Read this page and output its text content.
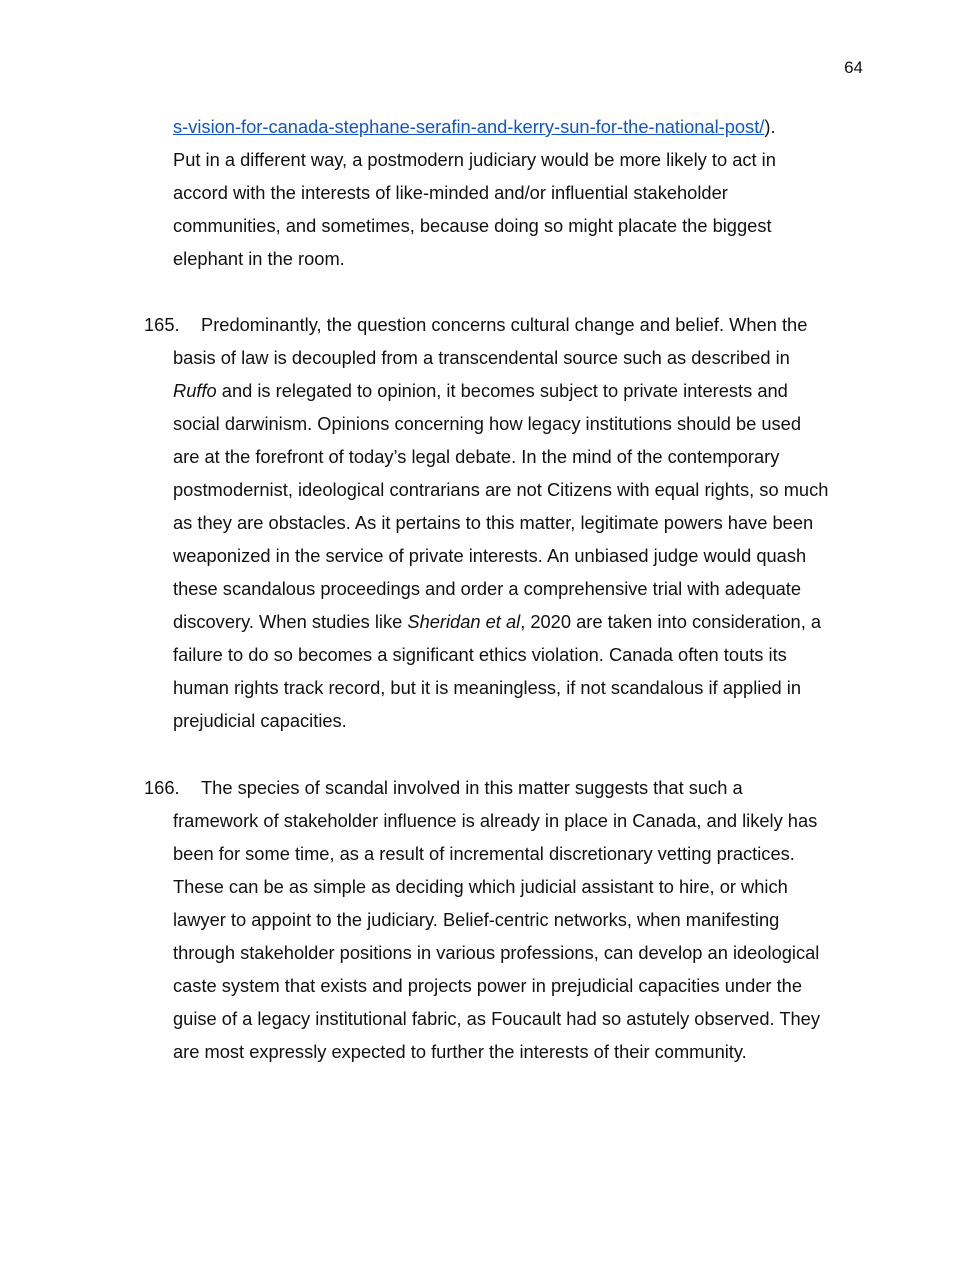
64
s-vision-for-canada-stephane-serafin-and-kerry-sun-for-the-national-post/).
Put in a different way, a postmodern judiciary would be more likely to act in
accord with the interests of like-minded and/or influential stakeholder
communities, and sometimes, because doing so might placate the biggest
elephant in the room.
165. Predominantly, the question concerns cultural change and belief. When the
basis of law is decoupled from a transcendental source such as described in
Ruffo and is relegated to opinion, it becomes subject to private interests and
social darwinism. Opinions concerning how legacy institutions should be used
are at the forefront of today’s legal debate. In the mind of the contemporary
postmodernist, ideological contrarians are not Citizens with equal rights, so much
as they are obstacles. As it pertains to this matter, legitimate powers have been
weaponized in the service of private interests. An unbiased judge would quash
these scandalous proceedings and order a comprehensive trial with adequate
discovery. When studies like Sheridan et al, 2020 are taken into consideration, a
failure to do so becomes a significant ethics violation. Canada often touts its
human rights track record, but it is meaningless, if not scandalous if applied in
prejudicial capacities.
166. The species of scandal involved in this matter suggests that such a
framework of stakeholder influence is already in place in Canada, and likely has
been for some time, as a result of incremental discretionary vetting practices.
These can be as simple as deciding which judicial assistant to hire, or which
lawyer to appoint to the judiciary. Belief-centric networks, when manifesting
through stakeholder positions in various professions, can develop an ideological
caste system that exists and projects power in prejudicial capacities under the
guise of a legacy institutional fabric, as Foucault had so astutely observed. They
are most expressly expected to further the interests of their community.
